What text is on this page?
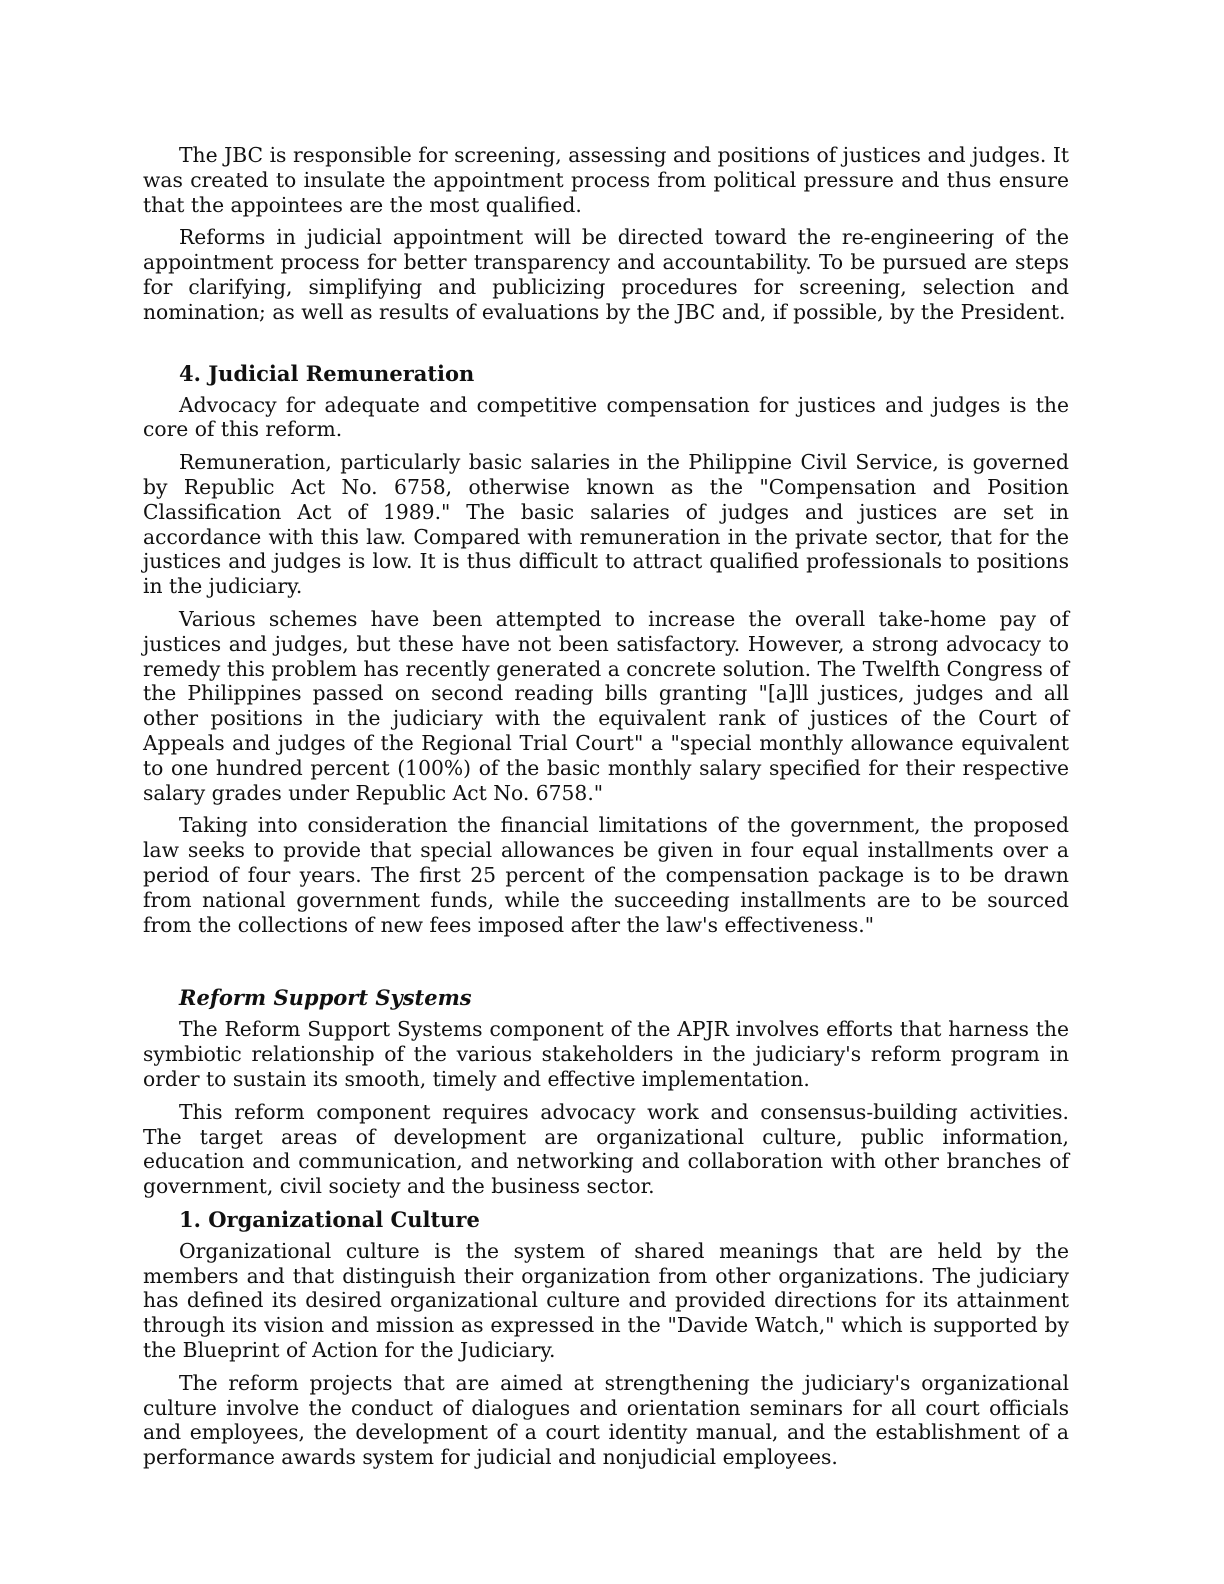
The JBC is responsible for screening, assessing and positions of justices and judges. It was created to insulate the appointment process from political pressure and thus ensure that the appointees are the most qualified.

Reforms in judicial appointment will be directed toward the re-engineering of the appointment process for better transparency and accountability. To be pursued are steps for clarifying, simplifying and publicizing procedures for screening, selection and nomination; as well as results of evaluations by the JBC and, if possible, by the President.

4. Judicial Remuneration

Advocacy for adequate and competitive compensation for justices and judges is the core of this reform.

Remuneration, particularly basic salaries in the Philippine Civil Service, is governed by Republic Act No. 6758, otherwise known as the "Compensation and Position Classification Act of 1989." The basic salaries of judges and justices are set in accordance with this law. Compared with remuneration in the private sector, that for the justices and judges is low. It is thus difficult to attract qualified professionals to positions in the judiciary.

Various schemes have been attempted to increase the overall take-home pay of justices and judges, but these have not been satisfactory. However, a strong advocacy to remedy this problem has recently generated a concrete solution. The Twelfth Congress of the Philippines passed on second reading bills granting "[a]ll justices, judges and all other positions in the judiciary with the equivalent rank of justices of the Court of Appeals and judges of the Regional Trial Court" a "special monthly allowance equivalent to one hundred percent (100%) of the basic monthly salary specified for their respective salary grades under Republic Act No. 6758."

Taking into consideration the financial limitations of the government, the proposed law seeks to provide that special allowances be given in four equal installments over a period of four years. The first 25 percent of the compensation package is to be drawn from national government funds, while the succeeding installments are to be sourced from the collections of new fees imposed after the law's effectiveness."

Reform Support Systems

The Reform Support Systems component of the APJR involves efforts that harness the symbiotic relationship of the various stakeholders in the judiciary's reform program in order to sustain its smooth, timely and effective implementation.

This reform component requires advocacy work and consensus-building activities. The target areas of development are organizational culture, public information, education and communication, and networking and collaboration with other branches of government, civil society and the business sector.

1. Organizational Culture

Organizational culture is the system of shared meanings that are held by the members and that distinguish their organization from other organizations. The judiciary has defined its desired organizational culture and provided directions for its attainment through its vision and mission as expressed in the "Davide Watch," which is supported by the Blueprint of Action for the Judiciary.

The reform projects that are aimed at strengthening the judiciary's organizational culture involve the conduct of dialogues and orientation seminars for all court officials and employees, the development of a court identity manual, and the establishment of a performance awards system for judicial and nonjudicial employees.
